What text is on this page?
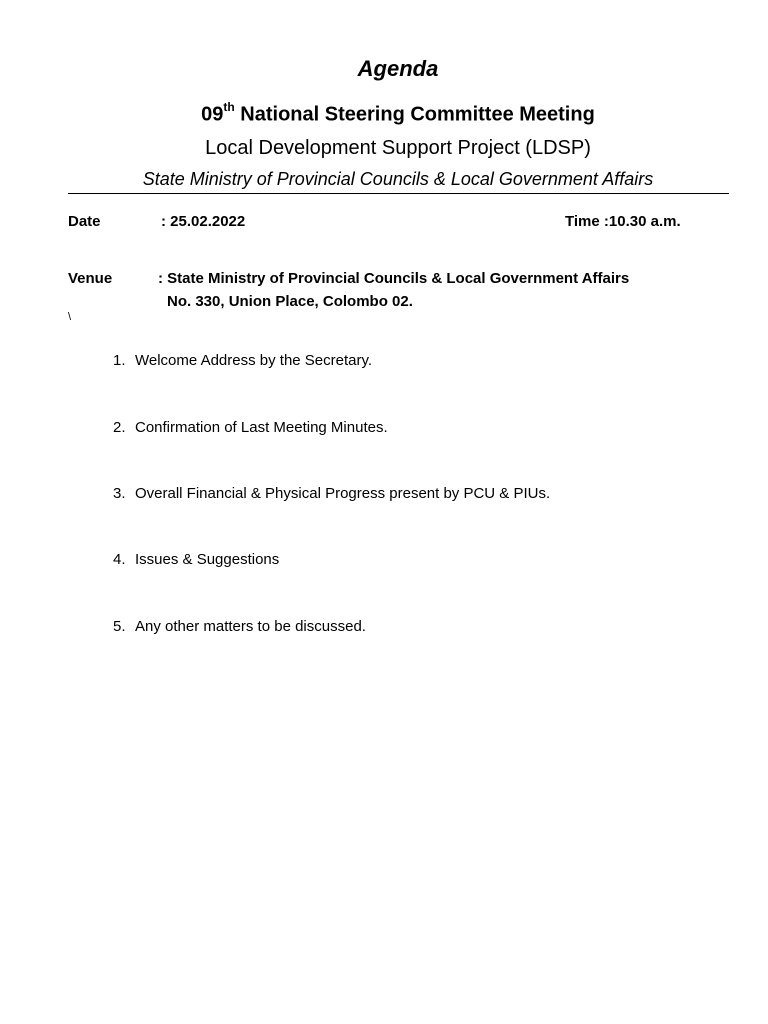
Agenda
09th National Steering Committee Meeting
Local Development Support Project (LDSP)
State Ministry of Provincial Councils & Local Government Affairs
Date	: 25.02.2022	Time :10.30 a.m.
Venue	: State Ministry of Provincial Councils & Local Government Affairs
No. 330, Union Place, Colombo 02.
\
1. Welcome Address by the Secretary.
2. Confirmation of Last Meeting Minutes.
3. Overall Financial & Physical Progress present by PCU & PIUs.
4. Issues & Suggestions
5. Any other matters to be discussed.
